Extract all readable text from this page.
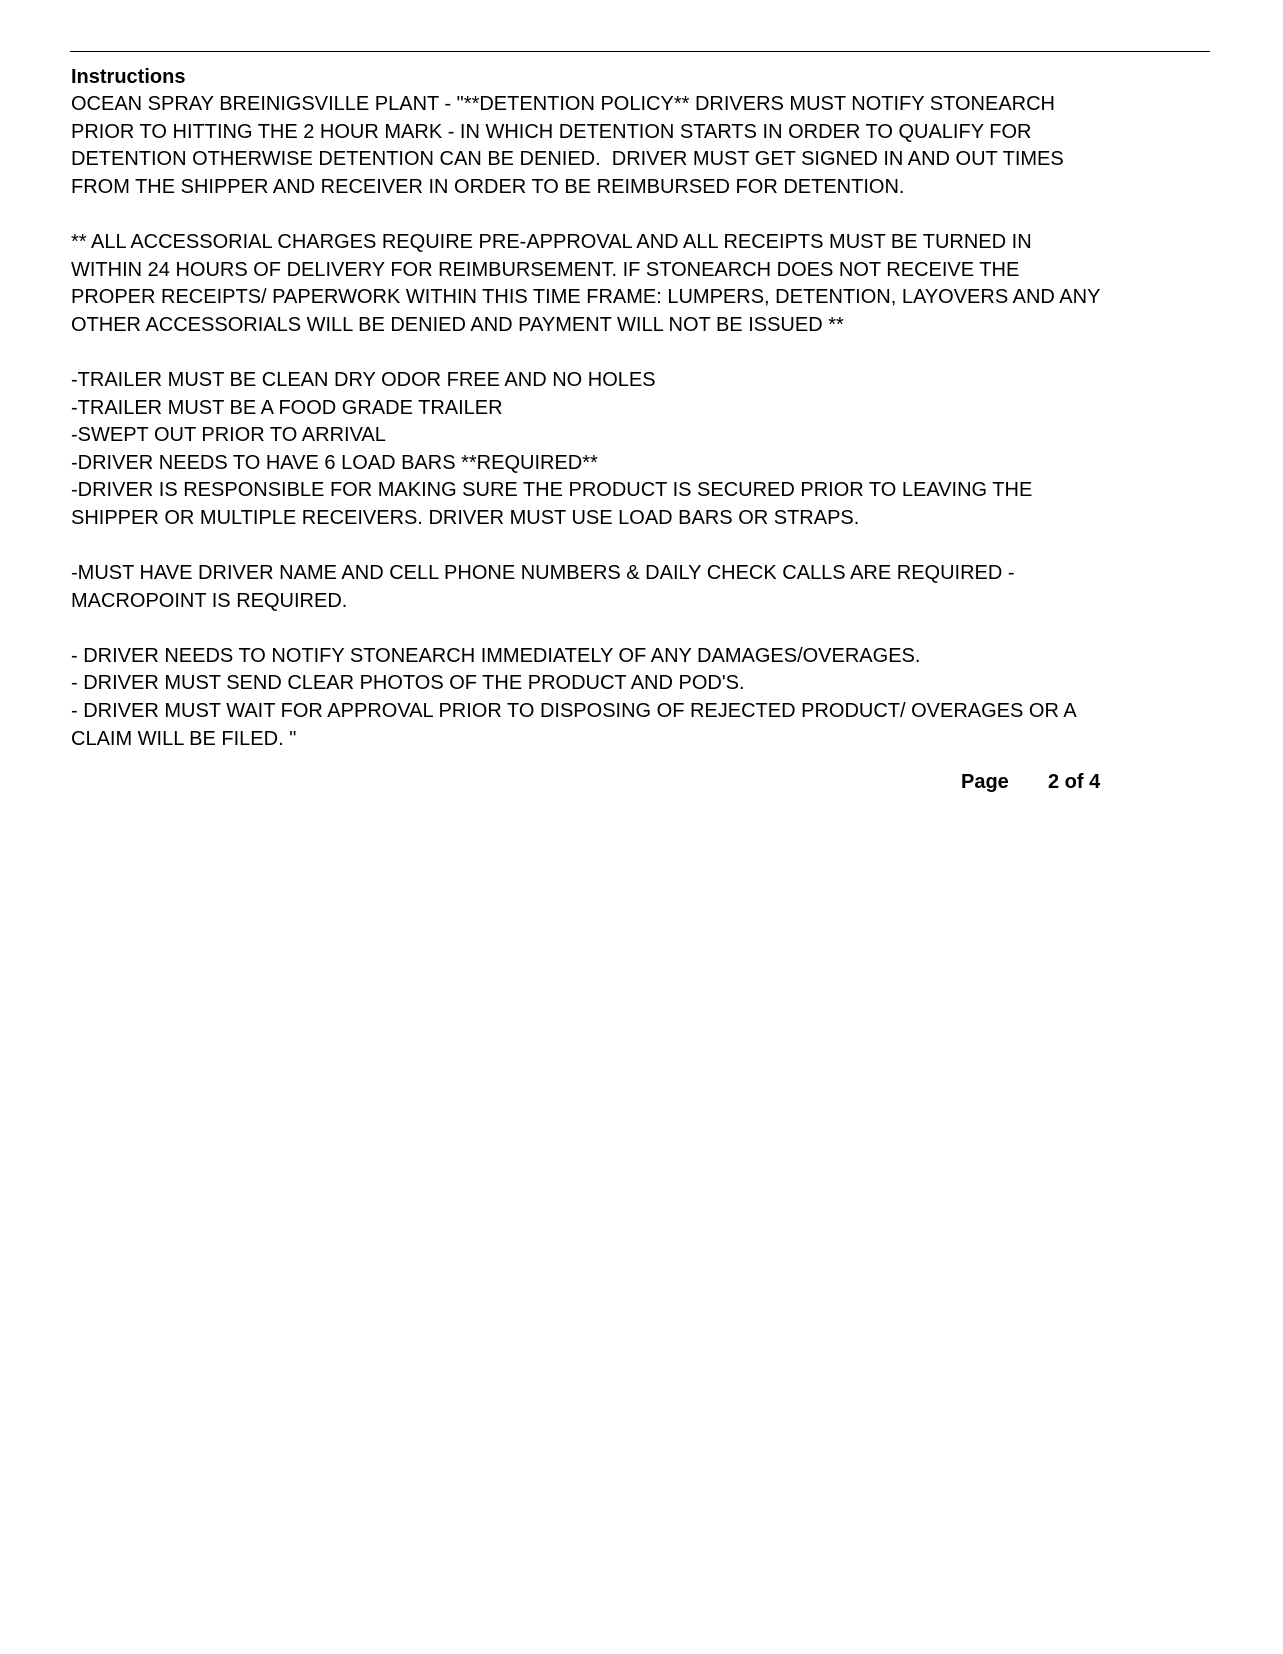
Instructions
OCEAN SPRAY BREINIGSVILLE PLANT - "**DETENTION POLICY** DRIVERS MUST NOTIFY STONEARCH
PRIOR TO HITTING THE 2 HOUR MARK - IN WHICH DETENTION STARTS IN ORDER TO QUALIFY FOR
DETENTION OTHERWISE DETENTION CAN BE DENIED.  DRIVER MUST GET SIGNED IN AND OUT TIMES
FROM THE SHIPPER AND RECEIVER IN ORDER TO BE REIMBURSED FOR DETENTION.
** ALL ACCESSORIAL CHARGES REQUIRE PRE-APPROVAL AND ALL RECEIPTS MUST BE TURNED IN
WITHIN 24 HOURS OF DELIVERY FOR REIMBURSEMENT. IF STONEARCH DOES NOT RECEIVE THE
PROPER RECEIPTS/ PAPERWORK WITHIN THIS TIME FRAME: LUMPERS, DETENTION, LAYOVERS AND ANY
OTHER ACCESSORIALS WILL BE DENIED AND PAYMENT WILL NOT BE ISSUED **
-TRAILER MUST BE CLEAN DRY ODOR FREE AND NO HOLES
-TRAILER MUST BE A FOOD GRADE TRAILER
-SWEPT OUT PRIOR TO ARRIVAL
-DRIVER NEEDS TO HAVE 6 LOAD BARS **REQUIRED**
-DRIVER IS RESPONSIBLE FOR MAKING SURE THE PRODUCT IS SECURED PRIOR TO LEAVING THE
SHIPPER OR MULTIPLE RECEIVERS. DRIVER MUST USE LOAD BARS OR STRAPS.
-MUST HAVE DRIVER NAME AND CELL PHONE NUMBERS & DAILY CHECK CALLS ARE REQUIRED -
MACROPOINT IS REQUIRED.
- DRIVER NEEDS TO NOTIFY STONEARCH IMMEDIATELY OF ANY DAMAGES/OVERAGES.
- DRIVER MUST SEND CLEAR PHOTOS OF THE PRODUCT AND POD'S.
- DRIVER MUST WAIT FOR APPROVAL PRIOR TO DISPOSING OF REJECTED PRODUCT/ OVERAGES OR A
CLAIM WILL BE FILED. "
Page 2 of 4
